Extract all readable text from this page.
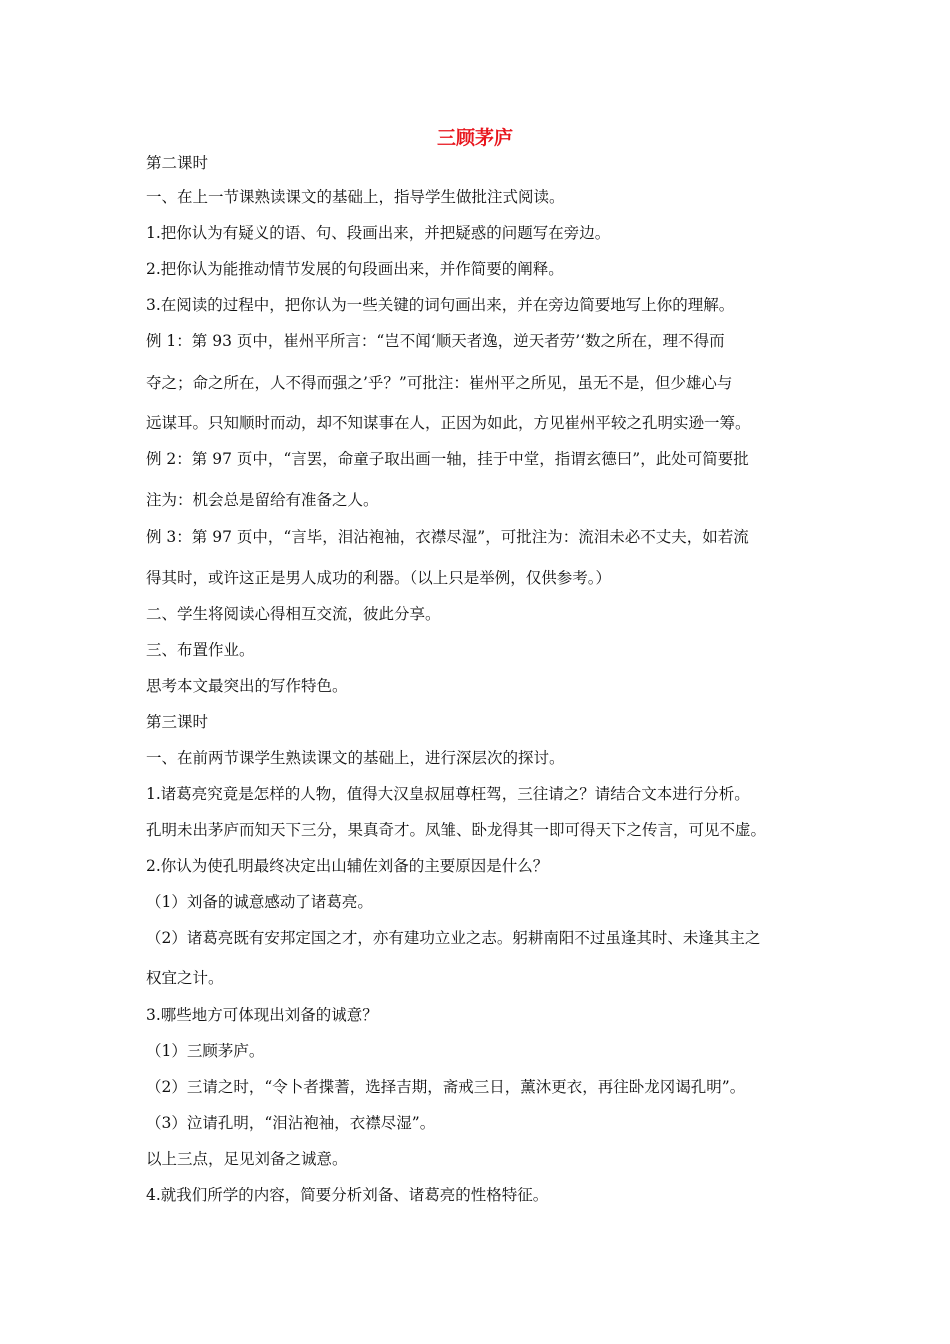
三顾茅庐
第二课时
一、在上一节课熟读课文的基础上，指导学生做批注式阅读。
1.把你认为有疑义的语、句、段画出来，并把疑惑的问题写在旁边。
2.把你认为能推动情节发展的句段画出来，并作简要的阐释。
3.在阅读的过程中，把你认为一些关键的词句画出来，并在旁边简要地写上你的理解。
例 1：第 93 页中，崔州平所言：“岂不闻‘顺天者逸，逆天者劳’‘数之所在，理不得而
夺之；命之所在，人不得而强之’乎？”可批注：崔州平之所见，虽无不是，但少雄心与
远谋耳。只知顺时而动，却不知谋事在人，正因为如此，方见崔州平较之孔明实逊一筹。
例 2：第 97 页中，“言罢，命童子取出画一轴，挂于中堂，指谓玄德曰”，此处可简要批
注为：机会总是留给有准备之人。
例 3：第 97 页中，“言毕，泪沾袍袖，衣襟尽湿”，可批注为：流泪未必不丈夫，如若流
得其时，或许这正是男人成功的利器。（以上只是举例，仅供参考。）
二、学生将阅读心得相互交流，彼此分享。
三、布置作业。
思考本文最突出的写作特色。
第三课时
一、在前两节课学生熟读课文的基础上，进行深层次的探讨。
1.诸葛亮究竟是怎样的人物，值得大汉皇叔屈尊枉驾，三往请之？请结合文本进行分析。
孔明未出茅庐而知天下三分，果真奇才。凤雏、卧龙得其一即可得天下之传言，可见不虚。
2.你认为使孔明最终决定出山辅佐刘备的主要原因是什么？
（1）刘备的诚意感动了诸葛亮。
（2）诸葛亮既有安邦定国之才，亦有建功立业之志。躬耕南阳不过虽逢其时、未逢其主之
权宜之计。
3.哪些地方可体现出刘备的诚意？
（1）三顾茅庐。
（2）三请之时，“令卜者揲蓍，选择吉期，斋戒三日，薰沐更衣，再往卧龙冈谒孔明”。
（3）泣请孔明，“泪沾袍袖，衣襟尽湿”。
以上三点，足见刘备之诚意。
4.就我们所学的内容，简要分析刘备、诸葛亮的性格特征。
